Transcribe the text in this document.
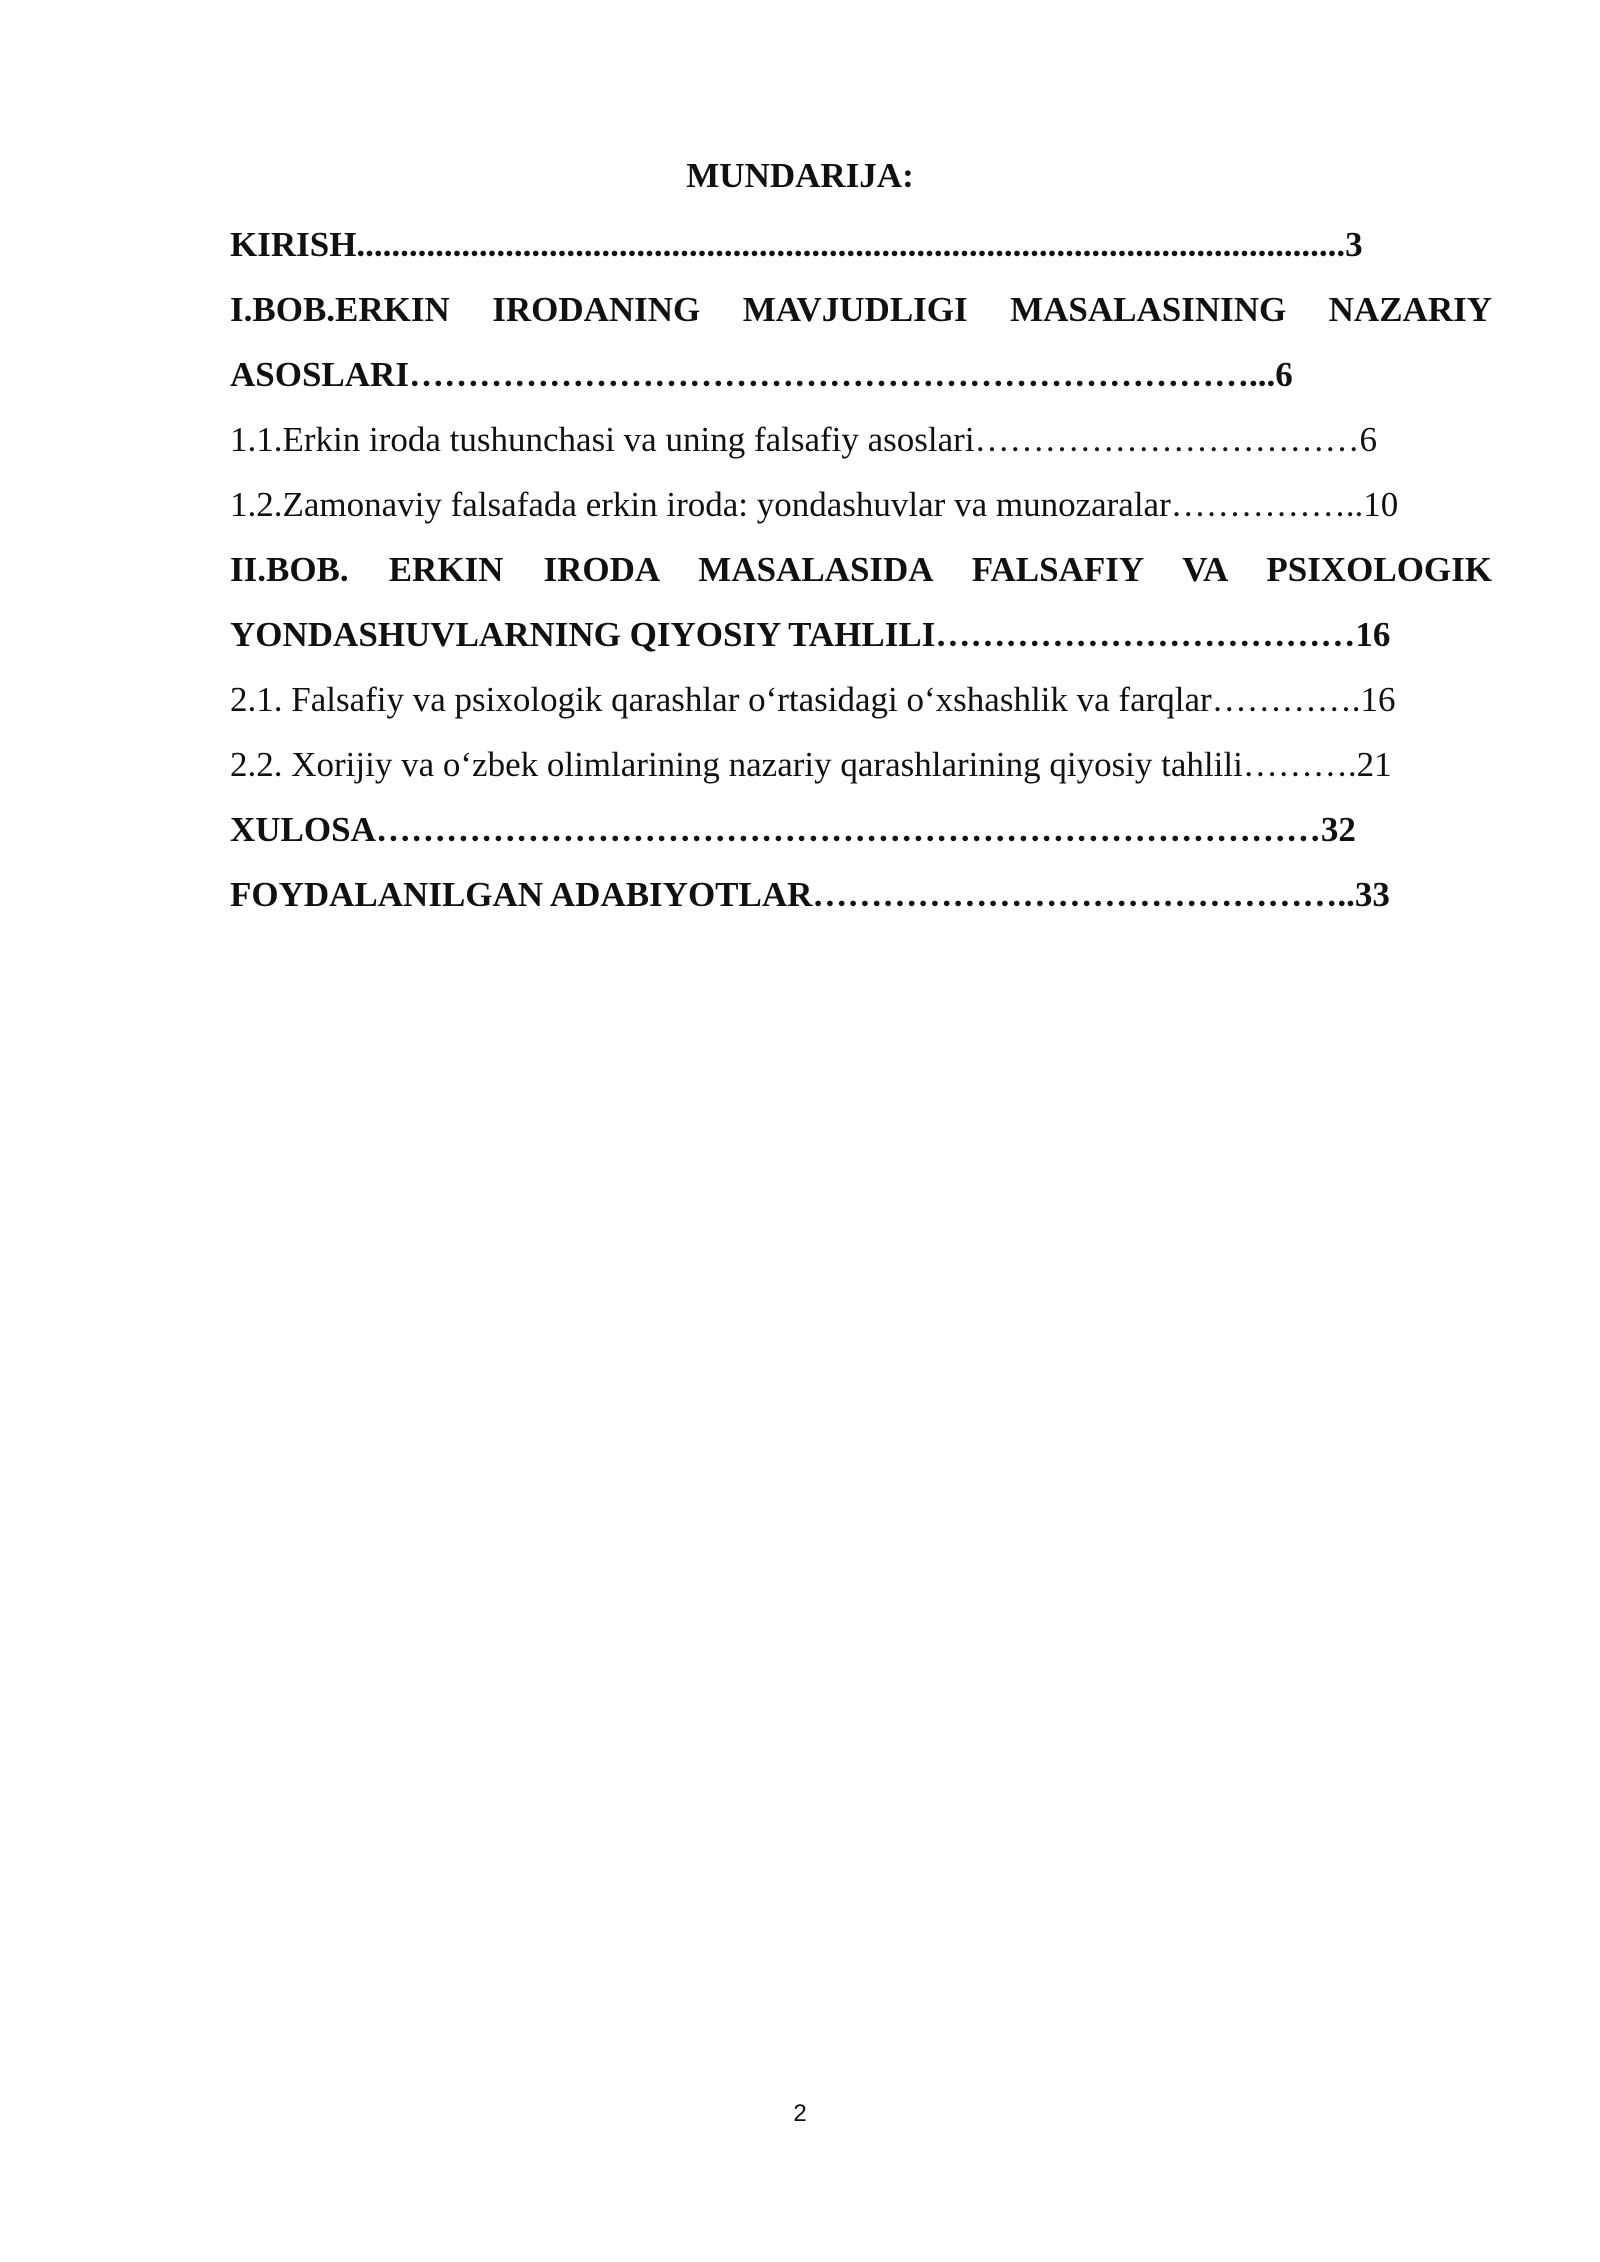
MUNDARIJA:
KIRISH.................................................................................................................3
I.BOB.ERKIN IRODANING MAVJUDLIGI MASALASINING NAZARIY
ASOSLARI………………………………………………………………...6
1.1.Erkin iroda tushunchasi va uning falsafiy asoslari……………………………6
1.2.Zamonaviy falsafada erkin iroda: yondashuvlar va munozaralar……………..10
II.BOB. ERKIN IRODA MASALASIDA FALSAFIY VA PSIXOLOGIK
YONDASHUVLARNING QIYOSIY TAHLILI………………………………16
2.1. Falsafiy va psixologik qarashlar o‘rtasidagi o‘xshashlik va farqlar………….16
2.2. Xorijiy va o‘zbek olimlarining nazariy qarashlarining qiyosiy tahlili……….21
XULOSA………………………………………………………………………32
FOYDALANILGAN ADABIYOTLAR………………………………………..33
2
